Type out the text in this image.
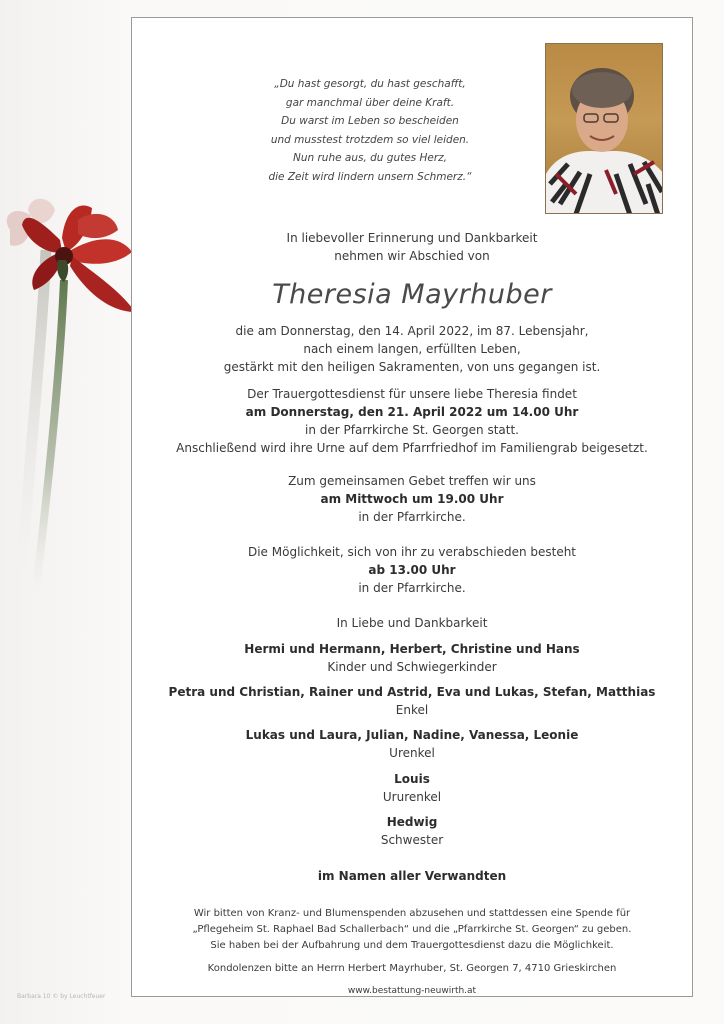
„Du hast gesorgt, du hast geschafft,
gar manchmal über deine Kraft.
Du warst im Leben so bescheiden
und musstest trotzdem so viel leiden.
Nun ruhe aus, du gutes Herz,
die Zeit wird lindern unsern Schmerz.“
In liebevoller Erinnerung und Dankbarkeit
nehmen wir Abschied von
Theresia Mayrhuber
die am Donnerstag, den 14. April 2022, im 87. Lebensjahr,
nach einem langen, erfüllten Leben,
gestärkt mit den heiligen Sakramenten, von uns gegangen ist.
Der Trauergottesdienst für unsere liebe Theresia findet
am Donnerstag, den 21. April 2022 um 14.00 Uhr
in der Pfarrkirche St. Georgen statt.
Anschließend wird ihre Urne auf dem Pfarrfriedhof im Familiengrab beigesetzt.
Zum gemeinsamen Gebet treffen wir uns
am Mittwoch um 19.00 Uhr
in der Pfarrkirche.
Die Möglichkeit, sich von ihr zu verabschieden besteht
ab 13.00 Uhr
in der Pfarrkirche.
In Liebe und Dankbarkeit
Hermi und Hermann, Herbert, Christine und Hans
Kinder und Schwiegerkinder
Petra und Christian, Rainer und Astrid, Eva und Lukas, Stefan, Matthias
Enkel
Lukas und Laura, Julian, Nadine, Vanessa, Leonie
Urenkel
Louis
Ururenkel
Hedwig
Schwester
im Namen aller Verwandten
Wir bitten von Kranz- und Blumenspenden abzusehen und stattdessen eine Spende für
„Pflegeheim St. Raphael Bad Schallerbach“ und die „Pfarrkirche St. Georgen“ zu geben.
Sie haben bei der Aufbahrung und dem Trauergottesdienst dazu die Möglichkeit.
Kondolenzen bitte an Herrn Herbert Mayrhuber, St. Georgen 7, 4710 Grieskirchen
www.bestattung-neuwirth.at
Barbara 10 © by Leuchtfeuer
